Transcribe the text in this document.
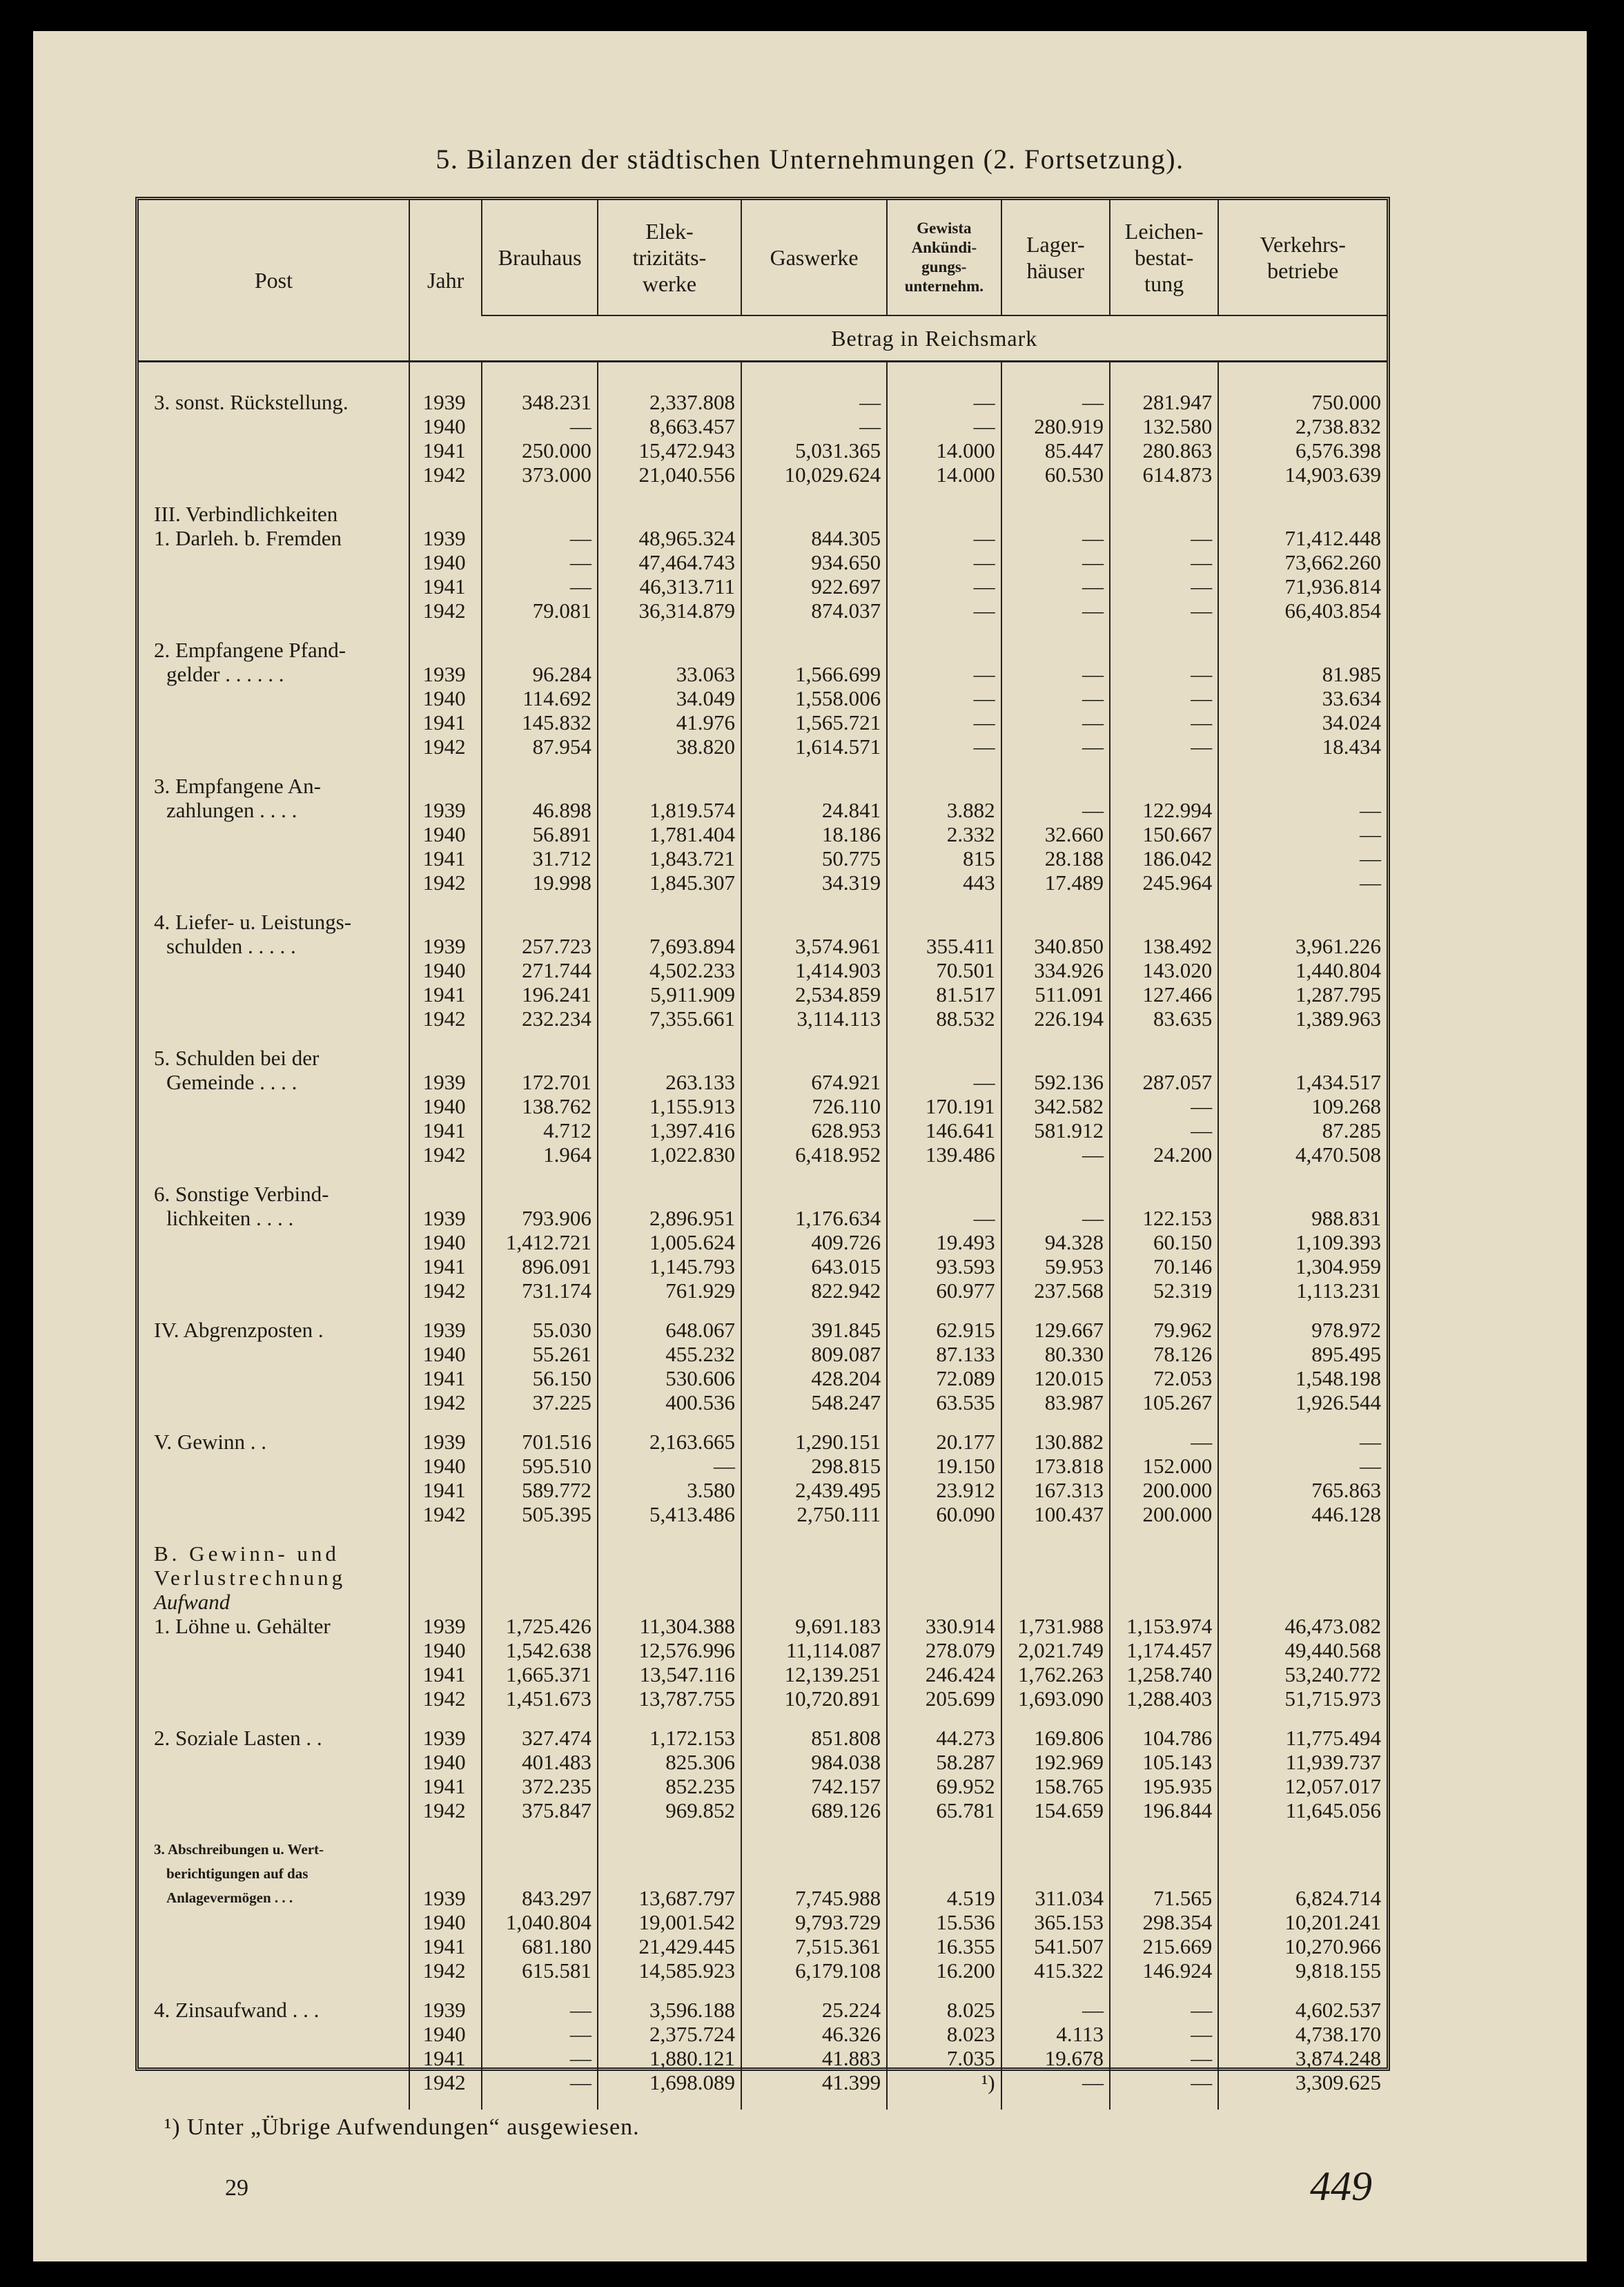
5. Bilanzen der städtischen Unternehmungen (2. Fortsetzung).
Post	Jahr	Brauhaus	Elek-
trizitäts-
werke	Gaswerke	Gewista
Ankündi-
gungs-
unternehm.	Lager-
häuser	Leichen-
bestat-
tung	Verkehrs-
betriebe
		Betrag in Reichsmark						

3. sonst. Rückstellung.	1939	348.231	2,337.808	—	—	—	281.947	750.000
	1940	—	8,663.457	—	—	280.919	132.580	2,738.832
	1941	250.000	15,472.943	5,031.365	14.000	85.447	280.863	6,576.398
	1942	373.000	21,040.556	10,029.624	14.000	60.530	614.873	14,903.639

III. Verbindlichkeiten								
1. Darleh. b. Fremden	1939	—	48,965.324	844.305	—	—	—	71,412.448
	1940	—	47,464.743	934.650	—	—	—	73,662.260
	1941	—	46,313.711	922.697	—	—	—	71,936.814
	1942	79.081	36,314.879	874.037	—	—	—	66,403.854

2. Empfangene Pfand-								
gelder . . . . . .	1939	96.284	33.063	1,566.699	—	—	—	81.985
	1940	114.692	34.049	1,558.006	—	—	—	33.634
	1941	145.832	41.976	1,565.721	—	—	—	34.024
	1942	87.954	38.820	1,614.571	—	—	—	18.434

3. Empfangene An-								
zahlungen . . . .	1939	46.898	1,819.574	24.841	3.882	—	122.994	—
	1940	56.891	1,781.404	18.186	2.332	32.660	150.667	—
	1941	31.712	1,843.721	50.775	815	28.188	186.042	—
	1942	19.998	1,845.307	34.319	443	17.489	245.964	—

4. Liefer- u. Leistungs-								
schulden . . . . .	1939	257.723	7,693.894	3,574.961	355.411	340.850	138.492	3,961.226
	1940	271.744	4,502.233	1,414.903	70.501	334.926	143.020	1,440.804
	1941	196.241	5,911.909	2,534.859	81.517	511.091	127.466	1,287.795
	1942	232.234	7,355.661	3,114.113	88.532	226.194	83.635	1,389.963

5. Schulden bei der								
Gemeinde . . . .	1939	172.701	263.133	674.921	—	592.136	287.057	1,434.517
	1940	138.762	1,155.913	726.110	170.191	342.582	—	109.268
	1941	4.712	1,397.416	628.953	146.641	581.912	—	87.285
	1942	1.964	1,022.830	6,418.952	139.486	—	24.200	4,470.508

6. Sonstige Verbind-								
lichkeiten . . . .	1939	793.906	2,896.951	1,176.634	—	—	122.153	988.831
	1940	1,412.721	1,005.624	409.726	19.493	94.328	60.150	1,109.393
	1941	896.091	1,145.793	643.015	93.593	59.953	70.146	1,304.959
	1942	731.174	761.929	822.942	60.977	237.568	52.319	1,113.231

IV. Abgrenzposten .	1939	55.030	648.067	391.845	62.915	129.667	79.962	978.972
	1940	55.261	455.232	809.087	87.133	80.330	78.126	895.495
	1941	56.150	530.606	428.204	72.089	120.015	72.053	1,548.198
	1942	37.225	400.536	548.247	63.535	83.987	105.267	1,926.544

V. Gewinn . .	1939	701.516	2,163.665	1,290.151	20.177	130.882	—	—
	1940	595.510	—	298.815	19.150	173.818	152.000	—
	1941	589.772	3.580	2,439.495	23.912	167.313	200.000	765.863
	1942	505.395	5,413.486	2,750.111	60.090	100.437	200.000	446.128

B. Gewinn- und								
Verlustrechnung								
Aufwand								
1. Löhne u. Gehälter	1939	1,725.426	11,304.388	9,691.183	330.914	1,731.988	1,153.974	46,473.082
	1940	1,542.638	12,576.996	11,114.087	278.079	2,021.749	1,174.457	49,440.568
	1941	1,665.371	13,547.116	12,139.251	246.424	1,762.263	1,258.740	53,240.772
	1942	1,451.673	13,787.755	10,720.891	205.699	1,693.090	1,288.403	51,715.973

2. Soziale Lasten . .	1939	327.474	1,172.153	851.808	44.273	169.806	104.786	11,775.494
	1940	401.483	825.306	984.038	58.287	192.969	105.143	11,939.737
	1941	372.235	852.235	742.157	69.952	158.765	195.935	12,057.017
	1942	375.847	969.852	689.126	65.781	154.659	196.844	11,645.056

3. Abschreibungen u. Wert-								
berichtigungen auf das								
Anlagevermögen . . .	1939	843.297	13,687.797	7,745.988	4.519	311.034	71.565	6,824.714
	1940	1,040.804	19,001.542	9,793.729	15.536	365.153	298.354	10,201.241
	1941	681.180	21,429.445	7,515.361	16.355	541.507	215.669	10,270.966
	1942	615.581	14,585.923	6,179.108	16.200	415.322	146.924	9,818.155

4. Zinsaufwand . . .	1939	—	3,596.188	25.224	8.025	—	—	4,602.537
	1940	—	2,375.724	46.326	8.023	4.113	—	4,738.170
	1941	—	1,880.121	41.883	7.035	19.678	—	3,874.248
	1942	—	1,698.089	41.399	¹)	—	—	3,309.625

¹) Unter „Übrige Aufwendungen“ ausgewiesen.
29	449
